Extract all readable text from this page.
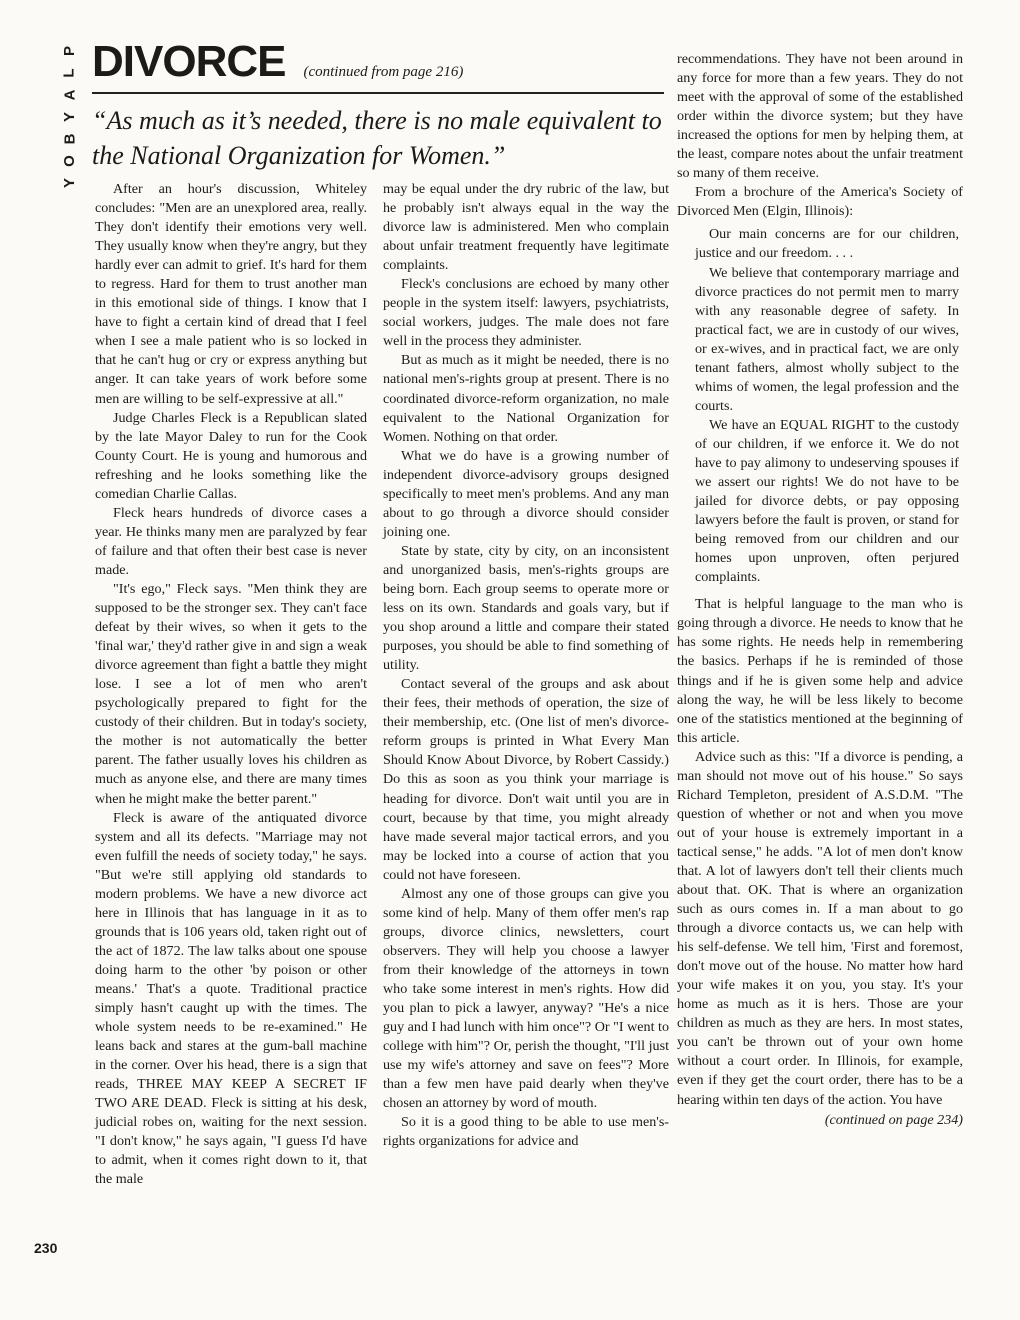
P
L
A
Y
B
O
Y
DIVORCE (continued from page 216)
“As much as it’s needed, there is no male equivalent to the National Organization for Women.”

After an hour's discussion, Whiteley concludes: "Men are an unexplored area, really. They don't identify their emotions very well. They usually know when they're angry, but they hardly ever can admit to grief. It's hard for them to regress. Hard for them to trust another man in this emotional side of things. I know that I have to fight a certain kind of dread that I feel when I see a male patient who is so locked in that he can't hug or cry or express anything but anger. It can take years of work before some men are willing to be self-expressive at all."

Judge Charles Fleck is a Republican slated by the late Mayor Daley to run for the Cook County Court. He is young and humorous and refreshing and he looks something like the comedian Charlie Callas.

Fleck hears hundreds of divorce cases a year. He thinks many men are paralyzed by fear of failure and that often their best case is never made.

"It's ego," Fleck says. "Men think they are supposed to be the stronger sex. They can't face defeat by their wives, so when it gets to the 'final war,' they'd rather give in and sign a weak divorce agreement than fight a battle they might lose. I see a lot of men who aren't psychologically prepared to fight for the custody of their children. But in today's society, the mother is not automatically the better parent. The father usually loves his children as much as anyone else, and there are many times when he might make the better parent."

Fleck is aware of the antiquated divorce system and all its defects. "Marriage may not even fulfill the needs of society today," he says. "But we're still applying old standards to modern problems. We have a new divorce act here in Illinois that has language in it as to grounds that is 106 years old, taken right out of the act of 1872. The law talks about one spouse doing harm to the other 'by poison or other means.' That's a quote. Traditional practice simply hasn't caught up with the times. The whole system needs to be re-examined." He leans back and stares at the gum-ball machine in the corner. Over his head, there is a sign that reads, THREE MAY KEEP A SECRET IF TWO ARE DEAD. Fleck is sitting at his desk, judicial robes on, waiting for the next session. "I don't know," he says again, "I guess I'd have to admit, when it comes right down to it, that the male

may be equal under the dry rubric of the law, but he probably isn't always equal in the way the divorce law is administered. Men who complain about unfair treatment frequently have legitimate complaints.

Fleck's conclusions are echoed by many other people in the system itself: lawyers, psychiatrists, social workers, judges. The male does not fare well in the process they administer.

But as much as it might be needed, there is no national men's-rights group at present. There is no coordinated divorce-reform organization, no male equivalent to the National Organization for Women. Nothing on that order.

What we do have is a growing number of independent divorce-advisory groups designed specifically to meet men's problems. And any man about to go through a divorce should consider joining one.

State by state, city by city, on an inconsistent and unorganized basis, men's-rights groups are being born. Each group seems to operate more or less on its own. Standards and goals vary, but if you shop around a little and compare their stated purposes, you should be able to find something of utility.

Contact several of the groups and ask about their fees, their methods of operation, the size of their membership, etc. (One list of men's divorce-reform groups is printed in What Every Man Should Know About Divorce, by Robert Cassidy.) Do this as soon as you think your marriage is heading for divorce. Don't wait until you are in court, because by that time, you might already have made several major tactical errors, and you may be locked into a course of action that you could not have foreseen.

Almost any one of those groups can give you some kind of help. Many of them offer men's rap groups, divorce clinics, newsletters, court observers. They will help you choose a lawyer from their knowledge of the attorneys in town who take some interest in men's rights. How did you plan to pick a lawyer, anyway? "He's a nice guy and I had lunch with him once"? Or "I went to college with him"? Or, perish the thought, "I'll just use my wife's attorney and save on fees"? More than a few men have paid dearly when they've chosen an attorney by word of mouth.

So it is a good thing to be able to use men's-rights organizations for advice and

recommendations. They have not been around in any force for more than a few years. They do not meet with the approval of some of the established order within the divorce system; but they have increased the options for men by helping them, at the least, compare notes about the unfair treatment so many of them receive.

From a brochure of the America's Society of Divorced Men (Elgin, Illinois):

Our main concerns are for our children, justice and our freedom. . . .

We believe that contemporary marriage and divorce practices do not permit men to marry with any reasonable degree of safety. In practical fact, we are in custody of our wives, or ex-wives, and in practical fact, we are only tenant fathers, almost wholly subject to the whims of women, the legal profession and the courts.

We have an EQUAL RIGHT to the custody of our children, if we enforce it. We do not have to pay alimony to undeserving spouses if we assert our rights! We do not have to be jailed for divorce debts, or pay opposing lawyers before the fault is proven, or stand for being removed from our children and our homes upon unproven, often perjured complaints.

That is helpful language to the man who is going through a divorce. He needs to know that he has some rights. He needs help in remembering the basics. Perhaps if he is reminded of those things and if he is given some help and advice along the way, he will be less likely to become one of the statistics mentioned at the beginning of this article.

Advice such as this: "If a divorce is pending, a man should not move out of his house." So says Richard Templeton, president of A.S.D.M. "The question of whether or not and when you move out of your house is extremely important in a tactical sense," he adds. "A lot of men don't know that. A lot of lawyers don't tell their clients much about that. OK. That is where an organization such as ours comes in. If a man about to go through a divorce contacts us, we can help with his self-defense. We tell him, 'First and foremost, don't move out of the house. No matter how hard your wife makes it on you, you stay. It's your home as much as it is hers. Those are your children as much as they are hers. In most states, you can't be thrown out of your own home without a court order. In Illinois, for example, even if they get the court order, there has to be a hearing within ten days of the action. You have

(continued on page 234)
230
